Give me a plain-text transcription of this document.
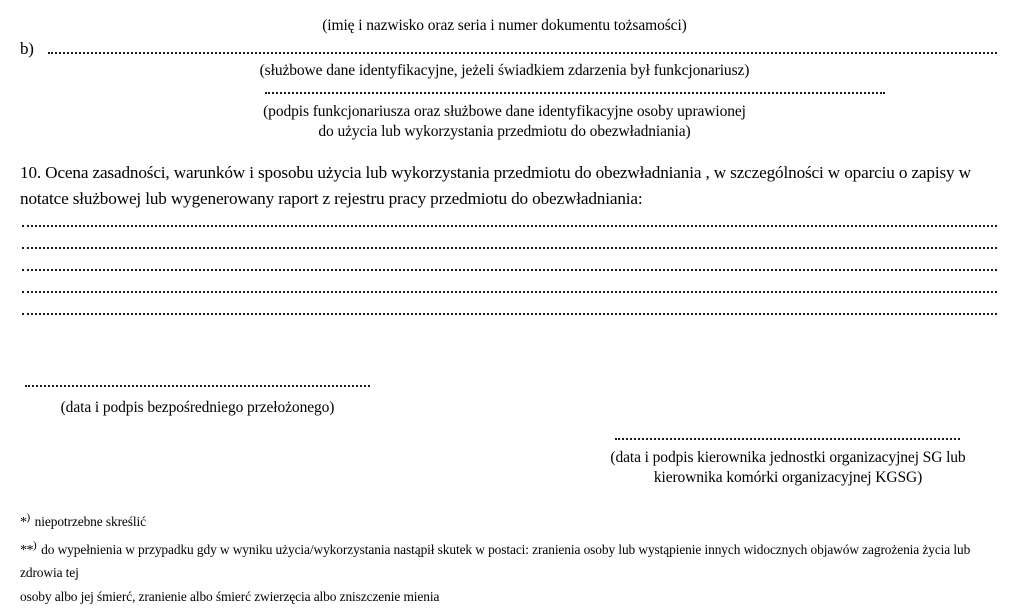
(imię i nazwisko oraz seria i numer dokumentu tożsamości)
b)
(służbowe dane identyfikacyjne, jeżeli świadkiem zdarzenia był funkcjonariusz)
(podpis funkcjonariusza oraz służbowe dane identyfikacyjne osoby uprawionej
do użycia lub wykorzystania przedmiotu do obezwładniania)
10. Ocena zasadności, warunków i sposobu użycia lub wykorzystania przedmiotu do obezwładniania , w szczególności w oparciu o zapisy w
notatce służbowej lub wygenerowany raport z rejestru pracy przedmiotu do obezwładniania:
(data i podpis bezpośredniego przełożonego)
(data i podpis kierownika jednostki organizacyjnej SG lub
kierownika komórki organizacyjnej KGSG)
*) niepotrzebne skreślić
**) do wypełnienia w przypadku gdy w wyniku użycia/wykorzystania nastąpił skutek w postaci: zranienia osoby lub wystąpienie innych widocznych objawów zagrożenia życia lub zdrowia tej
osoby albo jej śmierć, zranienie albo śmierć zwierzęcia albo zniszczenie mienia
